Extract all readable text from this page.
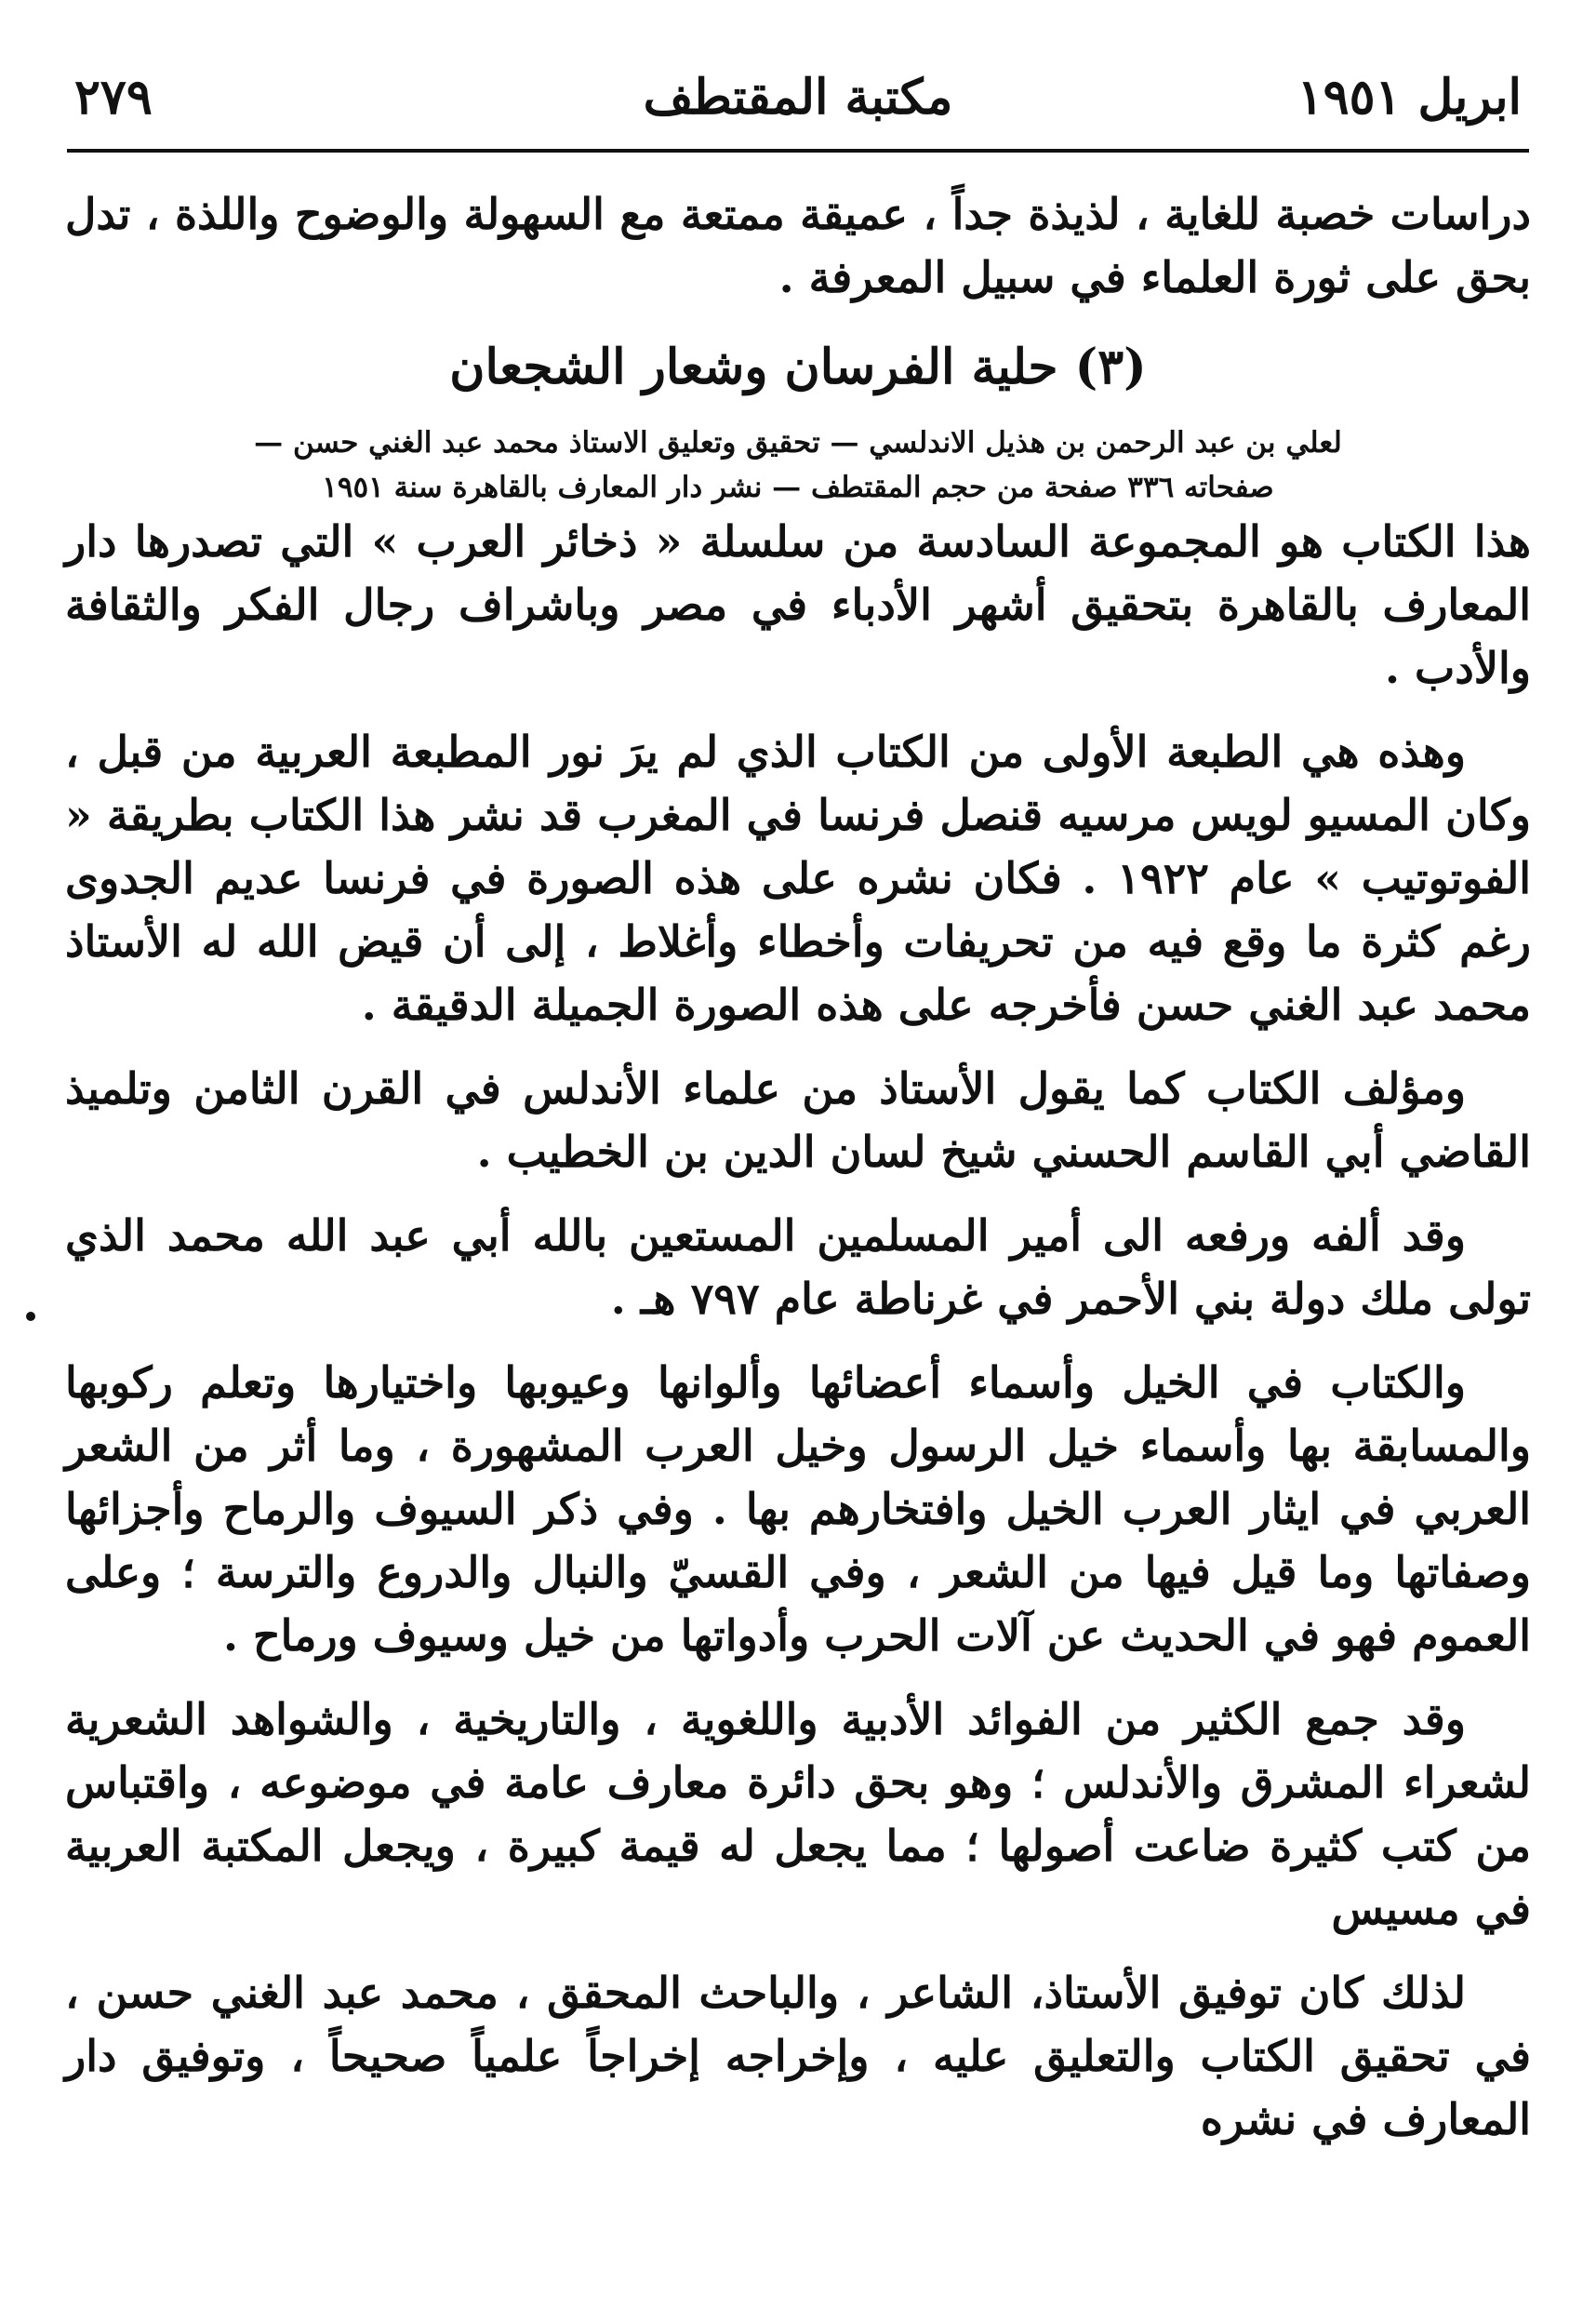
ابريل ١٩٥١
مكتبة المقتطف
٢٧٩

دراسات خصبة للغاية ، لذيذة جداً ، عميقة ممتعة مع السهولة والوضوح واللذة ، تدل بحق على ثورة العلماء في سبيل المعرفة .

(٣) حلية الفرسان وشعار الشجعان

لعلي بن عبد الرحمن بن هذيل الاندلسي — تحقيق وتعليق الاستاذ محمد عبد الغني حسن —

صفحاته ٣٣٦ صفحة من حجم المقتطف — نشر دار المعارف بالقاهرة سنة ١٩٥١

هذا الكتاب هو المجموعة السادسة من سلسلة « ذخائر العرب » التي تصدرها دار المعارف بالقاهرة بتحقيق أشهر الأدباء في مصر وباشراف رجال الفكر والثقافة والأدب .

وهذه هي الطبعة الأولى من الكتاب الذي لم يرَ نور المطبعة العربية من قبل ، وكان المسيو لويس مرسيه قنصل فرنسا في المغرب قد نشر هذا الكتاب بطريقة « الفوتوتيب » عام ١٩٢٢ . فكان نشره على هذه الصورة في فرنسا عديم الجدوى رغم كثرة ما وقع فيه من تحريفات وأخطاء وأغلاط ، إلى أن قيض الله له الأستاذ محمد عبد الغني حسن فأخرجه على هذه الصورة الجميلة الدقيقة .

ومؤلف الكتاب كما يقول الأستاذ من علماء الأندلس في القرن الثامن وتلميذ القاضي أبي القاسم الحسني شيخ لسان الدين بن الخطيب .

وقد ألفه ورفعه الى أمير المسلمين المستعين بالله أبي عبد الله محمد الذي تولى ملك دولة بني الأحمر في غرناطة عام ٧٩٧ هـ .

والكتاب في الخيل وأسماء أعضائها وألوانها وعيوبها واختيارها وتعلم ركوبها والمسابقة بها وأسماء خيل الرسول وخيل العرب المشهورة ، وما أثر من الشعر العربي في ايثار العرب الخيل وافتخارهم بها . وفي ذكر السيوف والرماح وأجزائها وصفاتها وما قيل فيها من الشعر ، وفي القسيّ والنبال والدروع والترسة ؛ وعلى العموم فهو في الحديث عن آلات الحرب وأدواتها من خيل وسيوف ورماح .

وقد جمع الكثير من الفوائد الأدبية واللغوية ، والتاريخية ، والشواهد الشعرية لشعراء المشرق والأندلس ؛ وهو بحق دائرة معارف عامة في موضوعه ، واقتباس من كتب كثيرة ضاعت أصولها ؛ مما يجعل له قيمة كبيرة ، ويجعل المكتبة العربية في مسيس

لذلك كان توفيق الأستاذ، الشاعر ، والباحث المحقق ، محمد عبد الغني حسن ، في تحقيق الكتاب والتعليق عليه ، وإخراجه إخراجاً علمياً صحيحاً ، وتوفيق دار المعارف في نشره
